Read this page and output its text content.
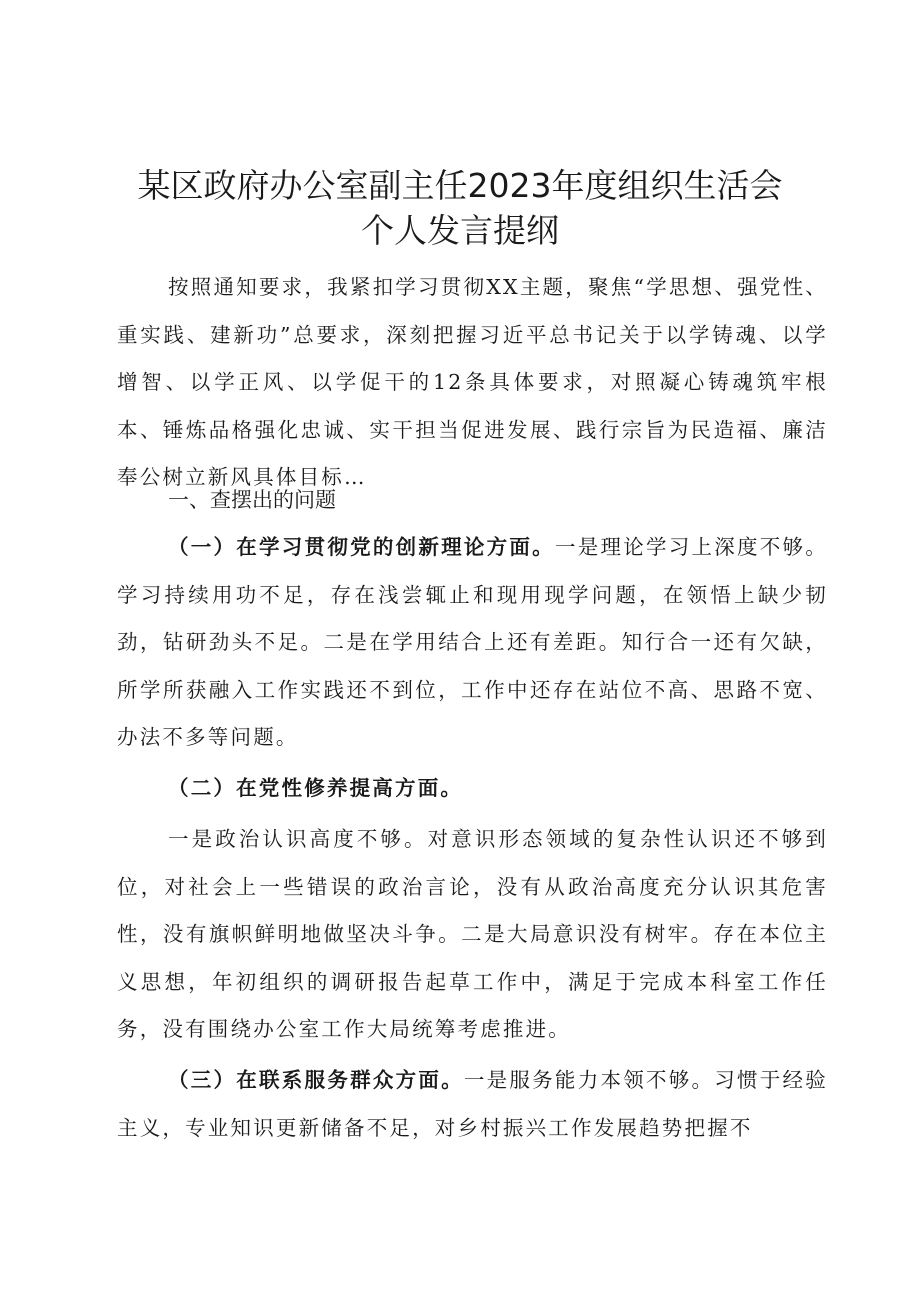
某区政府办公室副主任2023年度组织生活会
个人发言提纲

按照通知要求，我紧扣学习贯彻XX主题，聚焦“学思想、强党性、重实践、建新功”总要求，深刻把握习近平总书记关于以学铸魂、以学增智、以学正风、以学促干的12条具体要求，对照凝心铸魂筑牢根本、锤炼品格强化忠诚、实干担当促进发展、践行宗旨为民造福、廉洁奉公树立新风具体目标…

一、查摆出的问题

（一）在学习贯彻党的创新理论方面。一是理论学习上深度不够。学习持续用功不足，存在浅尝辄止和现用现学问题，在领悟上缺少韧劲，钻研劲头不足。二是在学用结合上还有差距。知行合一还有欠缺，所学所获融入工作实践还不到位，工作中还存在站位不高、思路不宽、办法不多等问题。

（二）在党性修养提高方面。

一是政治认识高度不够。对意识形态领域的复杂性认识还不够到位，对社会上一些错误的政治言论，没有从政治高度充分认识其危害性，没有旗帜鲜明地做坚决斗争。二是大局意识没有树牢。存在本位主义思想，年初组织的调研报告起草工作中，满足于完成本科室工作任务，没有围绕办公室工作大局统筹考虑推进。

（三）在联系服务群众方面。一是服务能力本领不够。习惯于经验主义，专业知识更新储备不足，对乡村振兴工作发展趋势把握不
